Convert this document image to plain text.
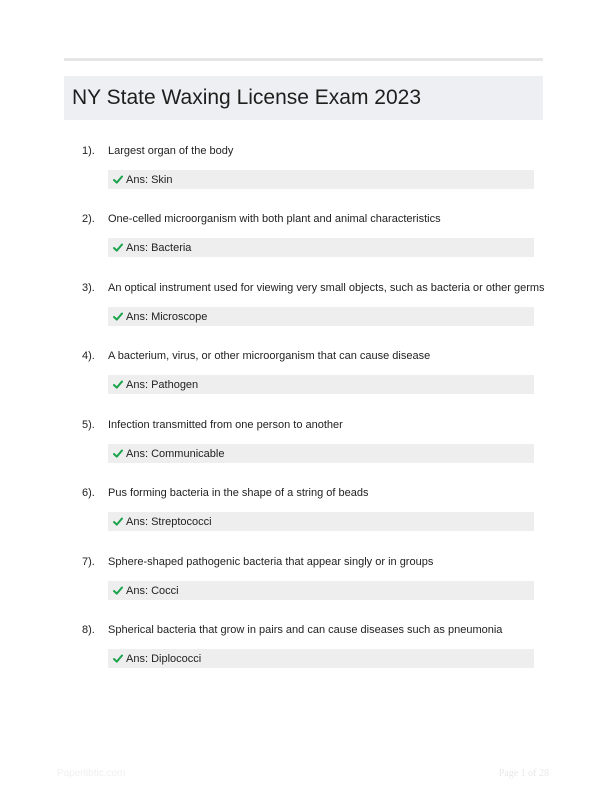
NY State Waxing License Exam 2023
1). Largest organ of the body
Ans: Skin
2). One-celled microorganism with both plant and animal characteristics
Ans: Bacteria
3). An optical instrument used for viewing very small objects, such as bacteria or other germs
Ans: Microscope
4). A bacterium, virus, or other microorganism that can cause disease
Ans: Pathogen
5). Infection transmitted from one person to another
Ans: Communicable
6). Pus forming bacteria in the shape of a string of beads
Ans: Streptococci
7). Sphere-shaped pathogenic bacteria that appear singly or in groups
Ans: Cocci
8). Spherical bacteria that grow in pairs and can cause diseases such as pneumonia
Ans: Diplococci
Paperlibtic.com	Page 1 of 28
